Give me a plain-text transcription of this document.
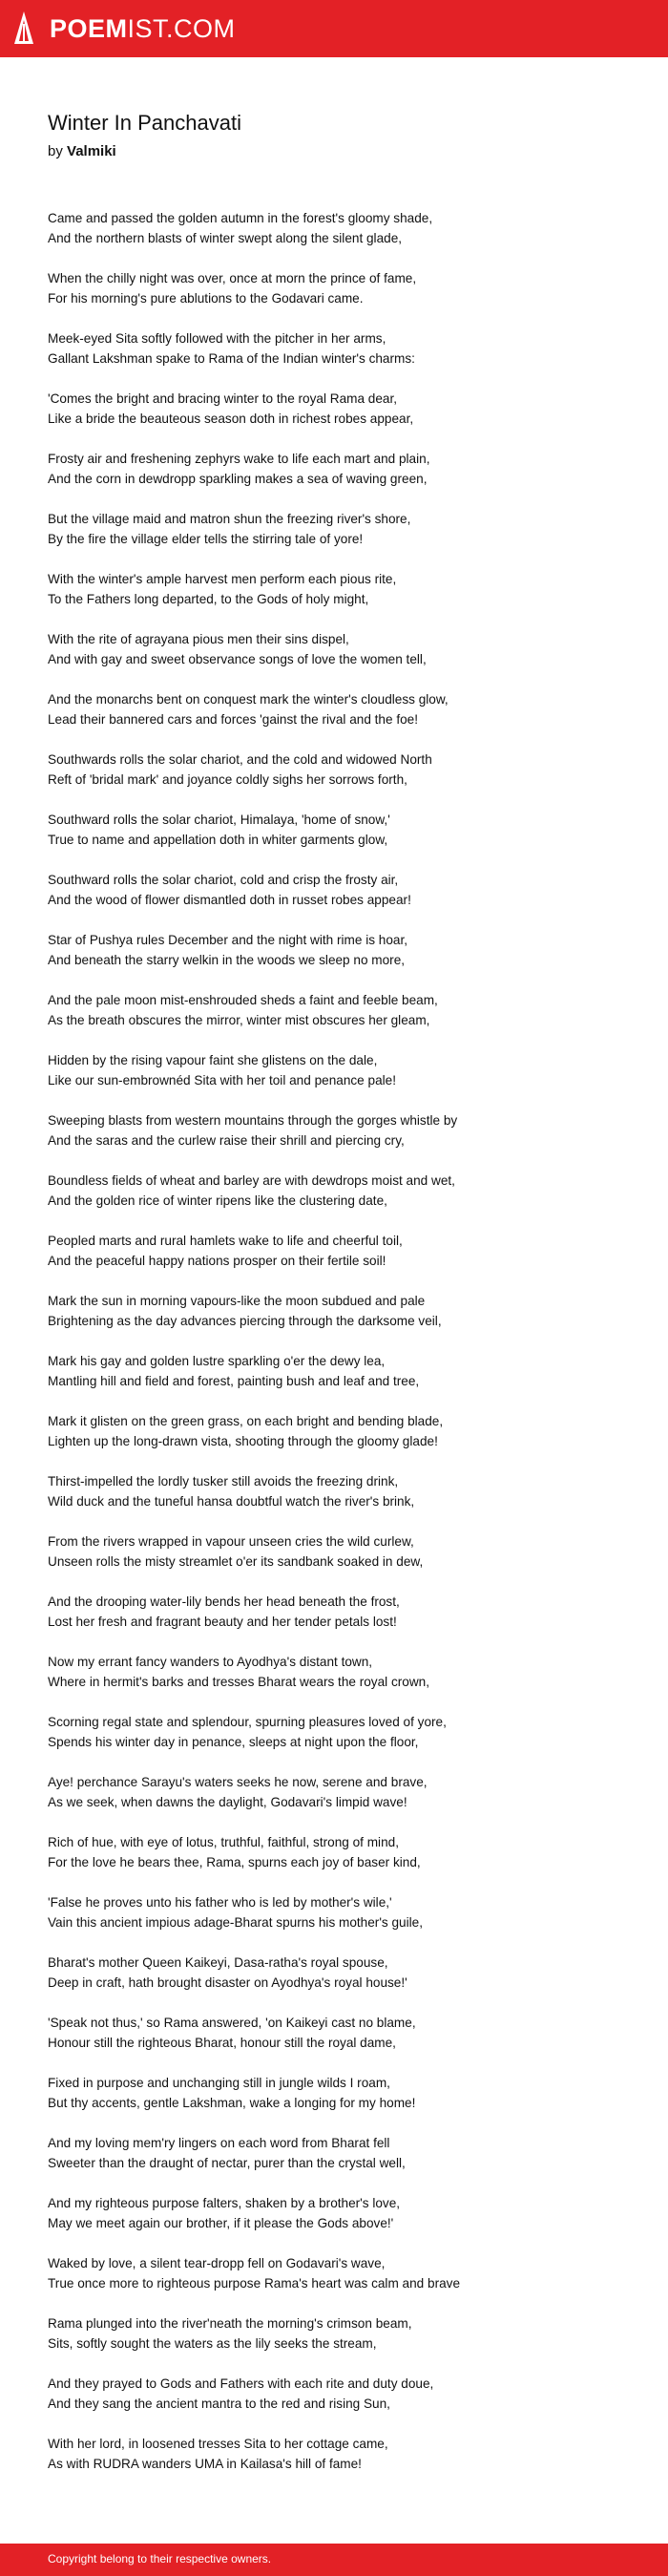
POEMIST.COM
Winter In Panchavati
by Valmiki
Came and passed the golden autumn in the forest's gloomy shade,
And the northern blasts of winter swept along the silent glade,
When the chilly night was over, once at morn the prince of fame,
For his morning's pure ablutions to the Godavari came.
Meek-eyed Sita softly followed with the pitcher in her arms,
Gallant Lakshman spake to Rama of the Indian winter's charms:
'Comes the bright and bracing winter to the royal Rama dear,
Like a bride the beauteous season doth in richest robes appear,
Frosty air and freshening zephyrs wake to life each mart and plain,
And the corn in dewdropp sparkling makes a sea of waving green,
But the village maid and matron shun the freezing river's shore,
By the fire the village elder tells the stirring tale of yore!
With the winter's ample harvest men perform each pious rite,
To the Fathers long departed, to the Gods of holy might,
With the rite of agrayana pious men their sins dispel,
And with gay and sweet observance songs of love the women tell,
And the monarchs bent on conquest mark the winter's cloudless glow,
Lead their bannered cars and forces 'gainst the rival and the foe!
Southwards rolls the solar chariot, and the cold and widowed North
Reft of 'bridal mark' and joyance coldly sighs her sorrows forth,
Southward rolls the solar chariot, Himalaya, 'home of snow,'
True to name and appellation doth in whiter garments glow,
Southward rolls the solar chariot, cold and crisp the frosty air,
And the wood of flower dismantled doth in russet robes appear!
Star of Pushya rules December and the night with rime is hoar,
And beneath the starry welkin in the woods we sleep no more,
And the pale moon mist-enshrouded sheds a faint and feeble beam,
As the breath obscures the mirror, winter mist obscures her gleam,
Hidden by the rising vapour faint she glistens on the dale,
Like our sun-embrownéd Sita with her toil and penance pale!
Sweeping blasts from western mountains through the gorges whistle by
And the saras and the curlew raise their shrill and piercing cry,
Boundless fields of wheat and barley are with dewdrops moist and wet,
And the golden rice of winter ripens like the clustering date,
Peopled marts and rural hamlets wake to life and cheerful toil,
And the peaceful happy nations prosper on their fertile soil!
Mark the sun in morning vapours-like the moon subdued and pale
Brightening as the day advances piercing through the darksome veil,
Mark his gay and golden lustre sparkling o'er the dewy lea,
Mantling hill and field and forest, painting bush and leaf and tree,
Mark it glisten on the green grass, on each bright and bending blade,
Lighten up the long-drawn vista, shooting through the gloomy glade!
Thirst-impelled the lordly tusker still avoids the freezing drink,
Wild duck and the tuneful hansa doubtful watch the river's brink,
From the rivers wrapped in vapour unseen cries the wild curlew,
Unseen rolls the misty streamlet o'er its sandbank soaked in dew,
And the drooping water-lily bends her head beneath the frost,
Lost her fresh and fragrant beauty and her tender petals lost!
Now my errant fancy wanders to Ayodhya's distant town,
Where in hermit's barks and tresses Bharat wears the royal crown,
Scorning regal state and splendour, spurning pleasures loved of yore,
Spends his winter day in penance, sleeps at night upon the floor,
Aye! perchance Sarayu's waters seeks he now, serene and brave,
As we seek, when dawns the daylight, Godavari's limpid wave!
Rich of hue, with eye of lotus, truthful, faithful, strong of mind,
For the love he bears thee, Rama, spurns each joy of baser kind,
'False he proves unto his father who is led by mother's wile,'
Vain this ancient impious adage-Bharat spurns his mother's guile,
Bharat's mother Queen Kaikeyi, Dasa-ratha's royal spouse,
Deep in craft, hath brought disaster on Ayodhya's royal house!'
'Speak not thus,' so Rama answered, 'on Kaikeyi cast no blame,
Honour still the righteous Bharat, honour still the royal dame,
Fixed in purpose and unchanging still in jungle wilds I roam,
But thy accents, gentle Lakshman, wake a longing for my home!
And my loving mem'ry lingers on each word from Bharat fell
Sweeter than the draught of nectar, purer than the crystal well,
And my righteous purpose falters, shaken by a brother's love,
May we meet again our brother, if it please the Gods above!'
Waked by love, a silent tear-dropp fell on Godavari's wave,
True once more to righteous purpose Rama's heart was calm and brave
Rama plunged into the river'neath the morning's crimson beam,
Sits, softly sought the waters as the lily seeks the stream,
And they prayed to Gods and Fathers with each rite and duty doue,
And they sang the ancient mantra to the red and rising Sun,
With her lord, in loosened tresses Sita to her cottage came,
As with RUDRA wanders UMA in Kailasa's hill of fame!
Copyright belong to their respective owners.
